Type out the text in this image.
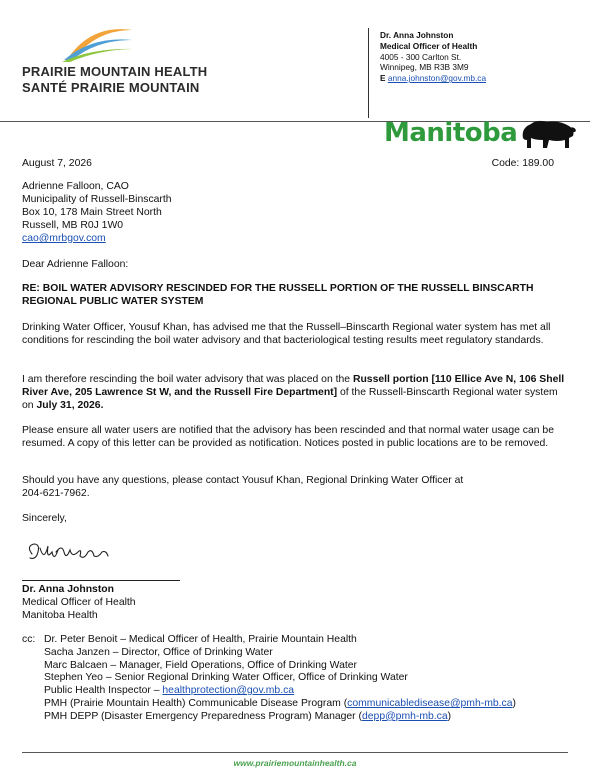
PRAIRIE MOUNTAIN HEALTH
SANTÉ PRAIRIE MOUNTAIN
Dr. Anna Johnston
Medical Officer of Health
4005 - 300 Carlton St.
Winnipeg, MB R3B 3M9
E anna.johnston@gov.mb.ca
Manitoba
August 7, 2026	Code: 189.00
Adrienne Falloon, CAO
Municipality of Russell-Binscarth
Box 10, 178 Main Street North
Russell, MB R0J 1W0
cao@mrbgov.com
Dear Adrienne Falloon:
RE: BOIL WATER ADVISORY RESCINDED FOR THE RUSSELL PORTION OF THE RUSSELL BINSCARTH REGIONAL PUBLIC WATER SYSTEM
Drinking Water Officer, Yousuf Khan, has advised me that the Russell–Binscarth Regional water system has met all conditions for rescinding the boil water advisory and that bacteriological testing results meet regulatory standards.
I am therefore rescinding the boil water advisory that was placed on the Russell portion [110 Ellice Ave N, 106 Shell River Ave, 205 Lawrence St W, and the Russell Fire Department] of the Russell-Binscarth Regional water system on July 31, 2026.
Please ensure all water users are notified that the advisory has been rescinded and that normal water usage can be resumed. A copy of this letter can be provided as notification. Notices posted in public locations are to be removed.
Should you have any questions, please contact Yousuf Khan, Regional Drinking Water Officer at
204-621-7962.
Sincerely,
Dr. Anna Johnston
Medical Officer of Health
Manitoba Health
cc: Dr. Peter Benoit – Medical Officer of Health, Prairie Mountain Health
Sacha Janzen – Director, Office of Drinking Water
Marc Balcaen – Manager, Field Operations, Office of Drinking Water
Stephen Yeo – Senior Regional Drinking Water Officer, Office of Drinking Water
Public Health Inspector – healthprotection@gov.mb.ca
PMH (Prairie Mountain Health) Communicable Disease Program (communicabledisease@pmh-mb.ca)
PMH DEPP (Disaster Emergency Preparedness Program) Manager (depp@pmh-mb.ca)
www.prairiemountainhealth.ca
